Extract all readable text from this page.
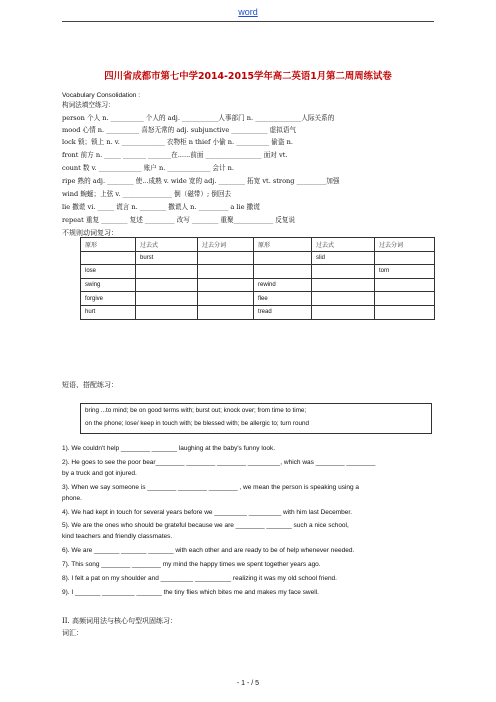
word
四川省成都市第七中学2014-2015学年高二英语1月第二周周练试卷
Vocabulary Consolidation :
构词法填空练习：
person 个人 n. __________ 个人的 adj. ___________人事部门 n. ______________人际关系的
mood 心情 n. __________ 喜怒无常的 adj. subjunctive ___________ 虚拟语气
lock 锁；锁上 n. v. _____________ 衣物柜 n thief 小偷 n. __________ 偷盗 n.
front 前方 n. _____ _______ _______在......前面 _________________ 面对 vt.
count 数 v. _____________ 账户 n. _____________ 会计 n.
ripe 熟的 adj. ________ 使...成熟 v. wide 宽的 adj. ________ 拓宽 vt. strong _________加强
wind 蜿蜒；上弦 v. _______________ 倒（磁带）; 倒回去
lie 撒谎 vi. _____ 谎言 n. ________ 撒谎人 n. _________ a lie 撒谎
repeat 重复 ________ 复述 _________ 改写 ________ 重聚____________ 反复说
不规则动词复习：
原形	过去式	过去分词	原形	过去式	过去分词
	burst			slid	
lose					torn
swing			rewind		
forgive			flee		
hurt			tread		
短语、搭配练习：
bring ...to mind; be on good terms with; burst out; knock over; from time to time;
on the phone; lose/ keep in touch with; be blessed with; be allergic to; turn round
1). We couldn't help ________ _______ laughing at the baby's funny look.
2). He goes to see the poor bear________ ________ ________ _________, which was ________ ________
by a truck and got injured.
3). When we say someone is ________ ________ ________ , we mean the person is speaking using a
phone.
4). We had kept in touch for several years before we _________ _________ with him last December.
5). We are the ones who should be grateful because we are ________ _______ such a nice school,
kind teachers and friendly classmates.
6). We are _______ _______ _______ with each other and are ready to be of help whenever needed.
7). This song ________ ________ my mind the happy times we spent together years ago.
8). I felt a pat on my shoulder and _________ __________ realizing it was my old school friend.
9). I _______ _________ _______ the tiny flies which bites me and makes my face swell.
II. 高频词用法与核心句型巩固练习：
词汇：
- 1 - / 5
